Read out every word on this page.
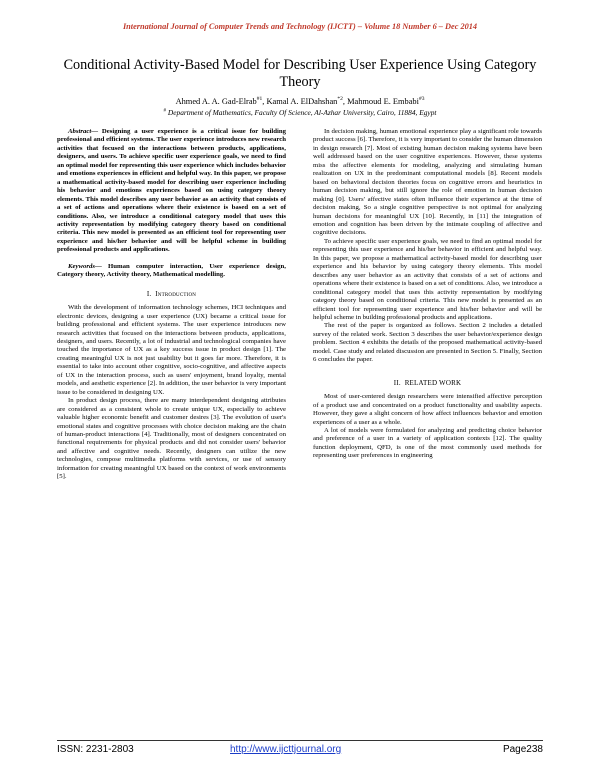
International Journal of Computer Trends and Technology (IJCTT) – Volume 18 Number 6 – Dec 2014
Conditional Activity-Based Model for Describing User Experience Using Category Theory
Ahmed A. A. Gad-Elrab$^{\#1}$, Kamal A. ElDahshan$^{*2}$, Mahmoud E. Embabi$^{\#3}$
# Department of Mathematics, Faculty Of Science, Al-Azhar University, Cairo, 11884, Egypt

Abstract— Designing a user experience is a critical issue for building professional and efficient systems. The user experience introduces new research activities that focused on the interactions between products, applications, designers, and users. To achieve specific user experience goals, we need to find an optimal model for representing this user experience which includes behavior and emotions experiences in efficient and helpful way. In this paper, we propose a mathematical activity-based model for describing user experience including his behavior and emotions experiences based on using category theory elements. This model describes any user behavior as an activity that consists of a set of actions and operations where their existence is based on a set of conditions. Also, we introduce a conditional category model that uses this activity representation by modifying category theory based on conditional criteria. This new model is presented as an efficient tool for representing user experience and his/her behavior and will be helpful scheme in building professional products and applications.

Keywords— Human computer interaction, User experience design, Category theory, Activity theory, Mathematical modelling.

I. Introduction

With the development of information technology schemes, HCI techniques and electronic devices, designing a user experience (UX) became a critical issue for building professional and efficient systems. The user experience introduces new research activities that focused on the interactions between products, applications, designers, and users. Recently, a lot of industrial and technological companies have touched the importance of UX as a key success issue in product design [1]. The creating meaningful UX is not just usability but it goes far more. Therefore, it is essential to take into account other cognitive, socio-cognitive, and affective aspects of UX in the interaction process, such as users' enjoyment, brand loyalty, mental models, and aesthetic experience [2]. In addition, the user behavior is very important issue to be considered in designing UX.

In product design process, there are many interdependent designing attributes are considered as a consistent whole to create unique UX, especially to achieve valuable higher economic benefit and customer desires [3]. The evolution of user's emotional states and cognitive processes with choice decision making are the chain of human-product interactions [4]. Traditionally, most of designers concentrated on functional requirements for physical products and did not consider users' behavior and affective and cognitive needs. Recently, designers can utilize the new technologies, compose multimedia platforms with services, or use of sensory information for creating meaningful UX based on the context of work environments [5].

In decision making, human emotional experience play a significant role towards product success [6]. Therefore, it is very important to consider the human dimension in design research [7]. Most of existing human decision making systems have been well addressed based on the user cognitive experiences. However, these systems miss the affective elements for modeling, analyzing and simulating human realization on UX in the predominant computational models [8]. Recent models based on behavioral decision theories focus on cognitive errors and heuristics in human decision making, but still ignore the role of emotion in human decision making [0]. Users' affective states often influence their experience at the time of decision making, So a single cognitive perspective is not optimal for analyzing human decisions for meaningful UX [10]. Recently, in [11] the integration of emotion and cognition has been driven by the intimate coupling of affective and cognitive decisions.

To achieve specific user experience goals, we need to find an optimal model for representing this user experience and his/her behavior in efficient and helpful way. In this paper, we propose a mathematical activity-based model for describing user experience and his behavior by using category theory elements. This model describes any user behavior as an activity that consists of a set of actions and operations where their existence is based on a set of conditions. Also, we introduce a conditional category model that uses this activity representation by modifying category theory based on conditional criteria. This new model is presented as an efficient tool for representing user experience and his/her behavior and will be helpful scheme in building professional products and applications.

The rest of the paper is organized as follows. Section 2 includes a detailed survey of the related work. Section 3 describes the user behavior/experience design problem. Section 4 exhibits the details of the proposed mathematical activity-based model. Case study and related discussion are presented in Section 5. Finally, Section 6 concludes the paper.

II. RELATED WORK

Most of user-centered design researchers were intensified affective perception of a product use and concentrated on a product functionality and usability aspects. However, they gave a slight concern of how affect influences behavior and emotion experiences of a user as a whole.

A lot of models were formulated for analyzing and predicting choice behavior and preference of a user in a variety of application contexts [12]. The quality function deployment, QFD, is one of the most commonly used methods for representing user preferences in engineering

ISSN: 2231-2803	http://www.ijcttjournal.org	Page238
